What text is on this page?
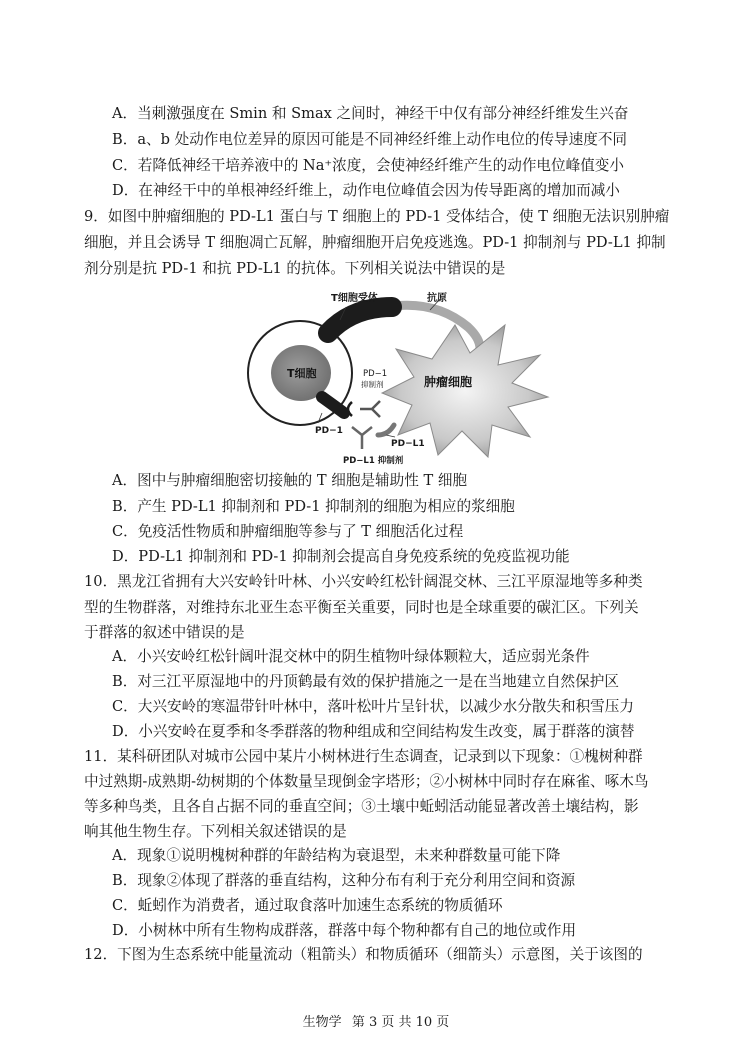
A．当刺激强度在 Smin 和 Smax 之间时，神经干中仅有部分神经纤维发生兴奋
B．a、b 处动作电位差异的原因可能是不同神经纤维上动作电位的传导速度不同
C．若降低神经干培养液中的 Na⁺浓度，会使神经纤维产生的动作电位峰值变小
D．在神经干中的单根神经纤维上，动作电位峰值会因为传导距离的增加而减小
9．如图中肿瘤细胞的 PD-L1 蛋白与 T 细胞上的 PD-1 受体结合，使 T 细胞无法识别肿瘤
细胞，并且会诱导 T 细胞凋亡瓦解，肿瘤细胞开启免疫逃逸。PD-1 抑制剂与 PD-L1 抑制
剂分别是抗 PD-1 和抗 PD-L1 的抗体。下列相关说法中错误的是
T细胞受体	抗原
T细胞
肿瘤细胞
PD−1
抑制剂
PD−1
PD−L1
PD−L1 抑制剂
A．图中与肿瘤细胞密切接触的 T 细胞是辅助性 T 细胞
B．产生 PD-L1 抑制剂和 PD-1 抑制剂的细胞为相应的浆细胞
C．免疫活性物质和肿瘤细胞等参与了 T 细胞活化过程
D．PD-L1 抑制剂和 PD-1 抑制剂会提高自身免疫系统的免疫监视功能
10．黑龙江省拥有大兴安岭针叶林、小兴安岭红松针阔混交林、三江平原湿地等多种类
型的生物群落，对维持东北亚生态平衡至关重要，同时也是全球重要的碳汇区。下列关
于群落的叙述中错误的是
A．小兴安岭红松针阔叶混交林中的阴生植物叶绿体颗粒大，适应弱光条件
B．对三江平原湿地中的丹顶鹤最有效的保护措施之一是在当地建立自然保护区
C．大兴安岭的寒温带针叶林中，落叶松叶片呈针状，以减少水分散失和积雪压力
D．小兴安岭在夏季和冬季群落的物种组成和空间结构发生改变，属于群落的演替
11．某科研团队对城市公园中某片小树林进行生态调查，记录到以下现象：①槐树种群
中过熟期-成熟期-幼树期的个体数量呈现倒金字塔形；②小树林中同时存在麻雀、啄木鸟
等多种鸟类，且各自占据不同的垂直空间；③土壤中蚯蚓活动能显著改善土壤结构，影
响其他生物生存。下列相关叙述错误的是
A．现象①说明槐树种群的年龄结构为衰退型，未来种群数量可能下降
B．现象②体现了群落的垂直结构，这种分布有利于充分利用空间和资源
C．蚯蚓作为消费者，通过取食落叶加速生态系统的物质循环
D．小树林中所有生物构成群落，群落中每个物种都有自己的地位或作用
12．下图为生态系统中能量流动（粗箭头）和物质循环（细箭头）示意图，关于该图的
生物学 第 3 页 共 10 页
